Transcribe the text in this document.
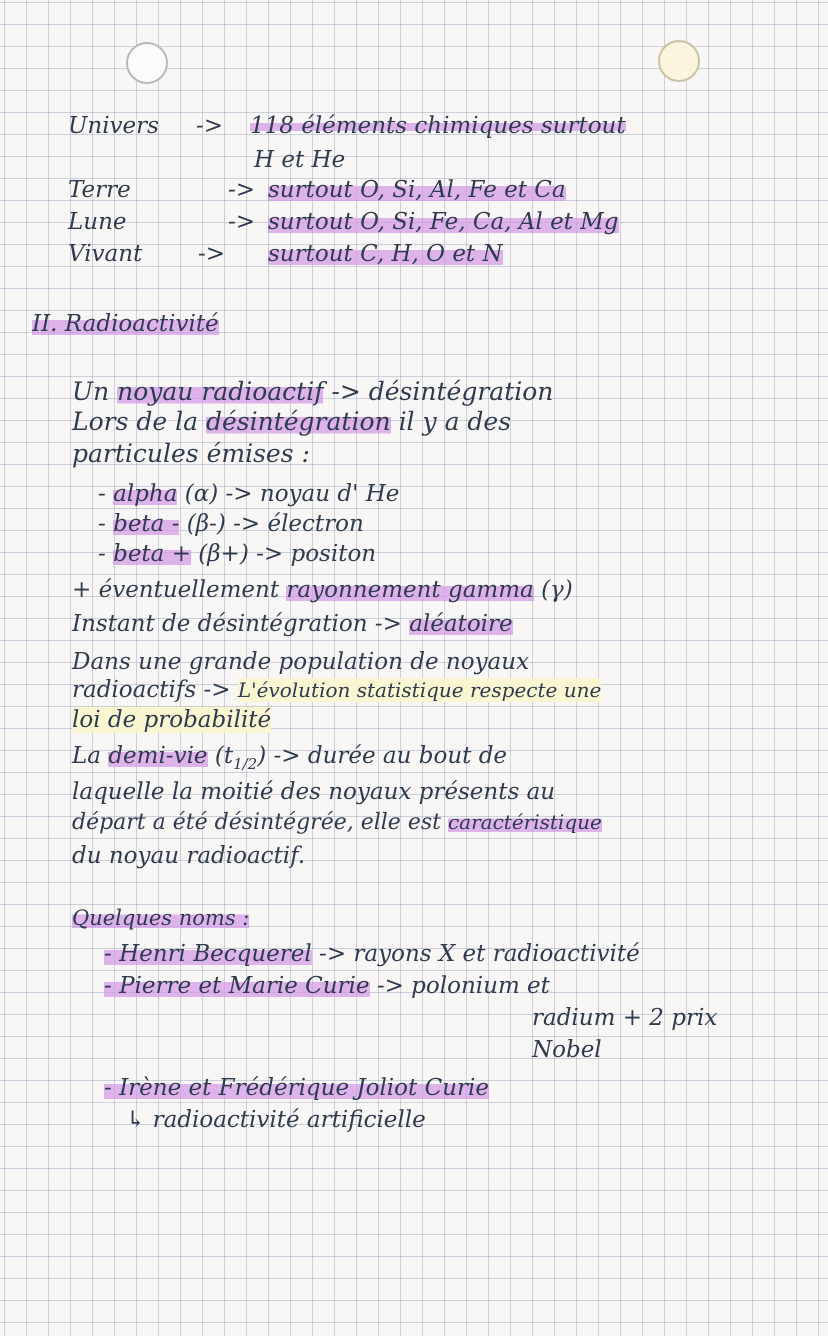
Univers -> 118 éléments chimiques surtout
H et He
Terre	-> surtout O, Si, Al, Fe et Ca
Lune	-> surtout O, Si, Fe, Ca, Al et Mg
Vivant -> surtout C, H, O et N
II. Radioactivité
Un noyau radioactif -> désintégration
Lors de la désintégration il y a des
particules émises :
- alpha (α) -> noyau d' He
- beta - (β-) -> électron
- beta + (β+) -> positon
+ éventuellement rayonnement gamma (γ)
Instant de désintégration -> aléatoire
Dans une grande population de noyaux
radioactifs -> L'évolution statistique respecte une
loi de probabilité
La demi-vie $(t_{1/2})$ -> durée au bout de
laquelle la moitié des noyaux présents au
départ a été désintégrée, elle est caractéristique
du noyau radioactif.
Quelques noms :
- Henri Becquerel -> rayons X et radioactivité
- Pierre et Marie Curie -> polonium et
radium + 2 prix
Nobel
- Irène et Frédérique Joliot Curie
↳ radioactivité artificielle
